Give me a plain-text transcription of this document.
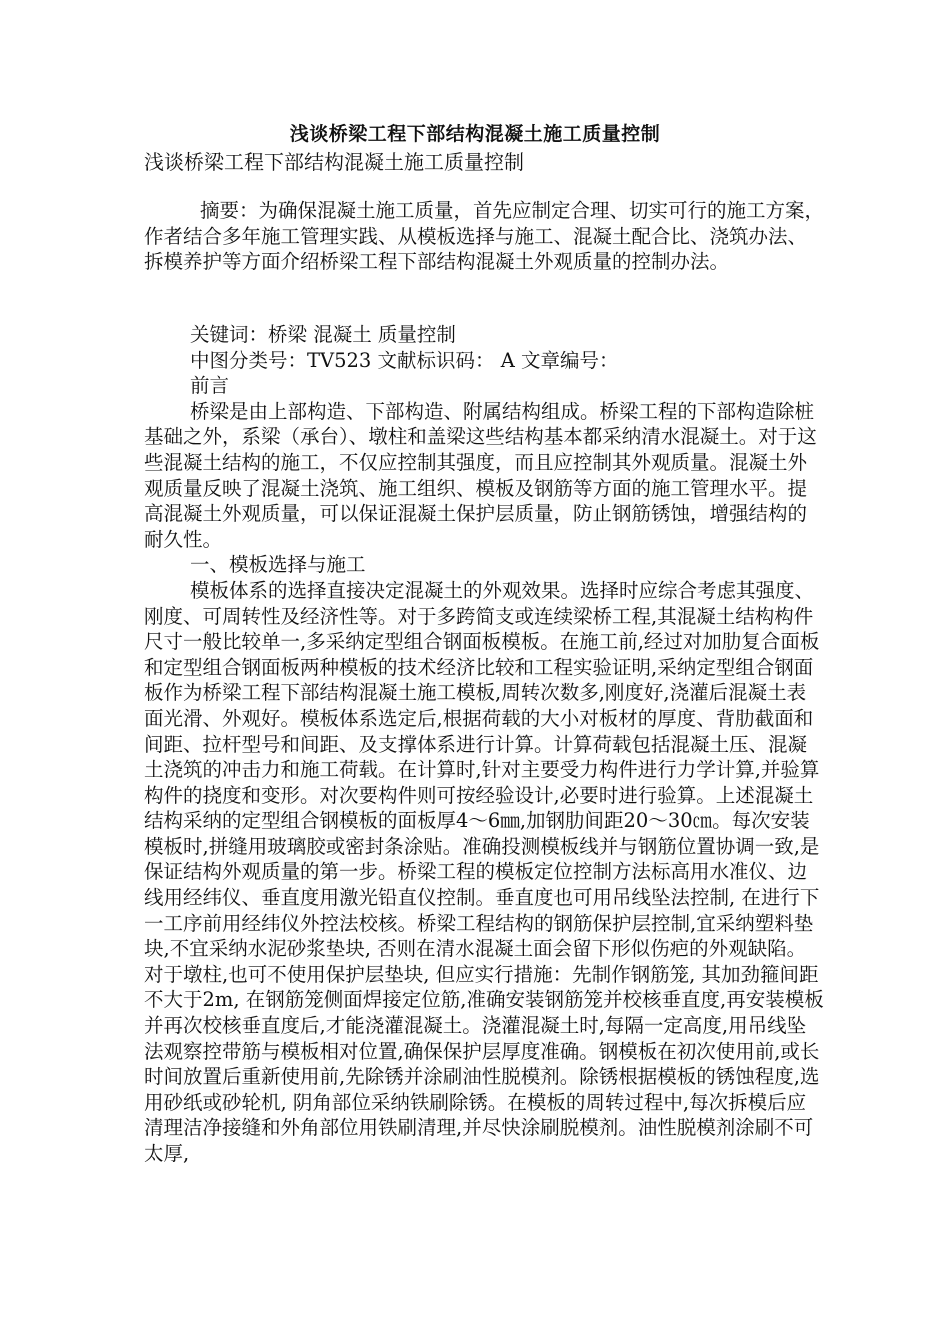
浅谈桥梁工程下部结构混凝土施工质量控制
浅谈桥梁工程下部结构混凝土施工质量控制

摘要：为确保混凝土施工质量，首先应制定合理、切实可行的施工方案，作者结合多年施工管理实践、从模板选择与施工、混凝土配合比、浇筑办法、拆模养护等方面介绍桥梁工程下部结构混凝土外观质量的控制办法。

关键词：桥梁 混凝土 质量控制

中图分类号：TV523 文献标识码： A 文章编号：

前言

桥梁是由上部构造、下部构造、附属结构组成。桥梁工程的下部构造除桩基础之外，系梁（承台）、墩柱和盖梁这些结构基本都采纳清水混凝土。对于这些混凝土结构的施工，不仅应控制其强度，而且应控制其外观质量。混凝土外观质量反映了混凝土浇筑、施工组织、模板及钢筋等方面的施工管理水平。提高混凝土外观质量，可以保证混凝土保护层质量，防止钢筋锈蚀，增强结构的耐久性。

一、模板选择与施工

模板体系的选择直接决定混凝土的外观效果。选择时应综合考虑其强度、刚度、可周转性及经济性等。对于多跨简支或连续梁桥工程,其混凝土结构构件尺寸一般比较单一,多采纳定型组合钢面板模板。在施工前,经过对加肋复合面板和定型组合钢面板两种模板的技术经济比较和工程实验证明,采纳定型组合钢面板作为桥梁工程下部结构混凝土施工模板,周转次数多,刚度好,浇灌后混凝土表面光滑、外观好。模板体系选定后,根据荷载的大小对板材的厚度、背肋截面和间距、拉杆型号和间距、及支撑体系进行计算。计算荷载包括混凝土压、混凝土浇筑的冲击力和施工荷载。在计算时,针对主要受力构件进行力学计算,并验算构件的挠度和变形。对次要构件则可按经验设计,必要时进行验算。上述混凝土结构采纳的定型组合钢模板的面板厚4～6㎜,加钢肋间距20～30㎝。每次安装模板时,拼缝用玻璃胶或密封条涂贴。准确投测模板线并与钢筋位置协调一致,是保证结构外观质量的第一步。桥梁工程的模板定位控制方法标高用水准仪、边线用经纬仪、垂直度用激光铅直仪控制。垂直度也可用吊线坠法控制, 在进行下一工序前用经纬仪外控法校核。桥梁工程结构的钢筋保护层控制,宜采纳塑料垫块,不宜采纳水泥砂浆垫块, 否则在清水混凝土面会留下形似伤疤的外观缺陷。对于墩柱,也可不使用保护层垫块, 但应实行措施：先制作钢筋笼, 其加劲箍间距不大于2m, 在钢筋笼侧面焊接定位筋,准确安装钢筋笼并校核垂直度,再安装模板并再次校核垂直度后,才能浇灌混凝土。浇灌混凝土时,每隔一定高度,用吊线坠法观察控带筋与模板相对位置,确保保护层厚度准确。钢模板在初次使用前,或长时间放置后重新使用前,先除锈并涂刷油性脱模剂。除锈根据模板的锈蚀程度,选用砂纸或砂轮机, 阴角部位采纳铁刷除锈。在模板的周转过程中,每次拆模后应清理洁净接缝和外角部位用铁刷清理,并尽快涂刷脱模剂。油性脱模剂涂刷不可太厚,
